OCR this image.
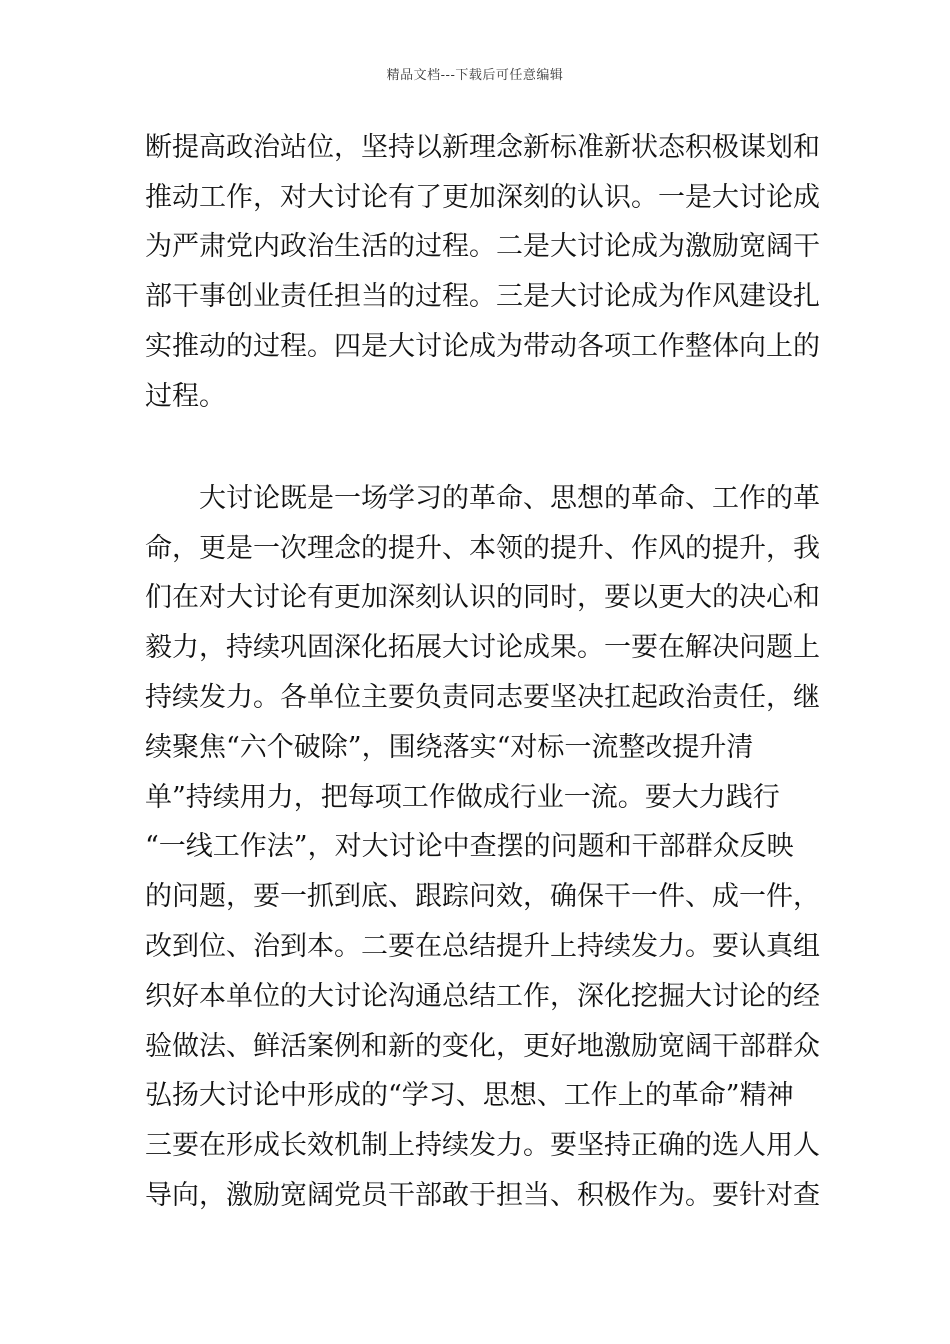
精品文档---下载后可任意编辑
断提高政治站位，坚持以新理念新标准新状态积极谋划和
推动工作，对大讨论有了更加深刻的认识。一是大讨论成
为严肃党内政治生活的过程。二是大讨论成为激励宽阔干
部干事创业责任担当的过程。三是大讨论成为作风建设扎
实推动的过程。四是大讨论成为带动各项工作整体向上的
过程。
　　大讨论既是一场学习的革命、思想的革命、工作的革
命，更是一次理念的提升、本领的提升、作风的提升，我
们在对大讨论有更加深刻认识的同时，要以更大的决心和
毅力，持续巩固深化拓展大讨论成果。一要在解决问题上
持续发力。各单位主要负责同志要坚决扛起政治责任，继
续聚焦“六个破除”，围绕落实“对标一流整改提升清
单”持续用力，把每项工作做成行业一流。要大力践行
“一线工作法”，对大讨论中查摆的问题和干部群众反映
的问题，要一抓到底、跟踪问效，确保干一件、成一件，
改到位、治到本。二要在总结提升上持续发力。要认真组
织好本单位的大讨论沟通总结工作，深化挖掘大讨论的经
验做法、鲜活案例和新的变化，更好地激励宽阔干部群众
弘扬大讨论中形成的“学习、思想、工作上的革命”精神
三要在形成长效机制上持续发力。要坚持正确的选人用人
导向，激励宽阔党员干部敢于担当、积极作为。要针对查
